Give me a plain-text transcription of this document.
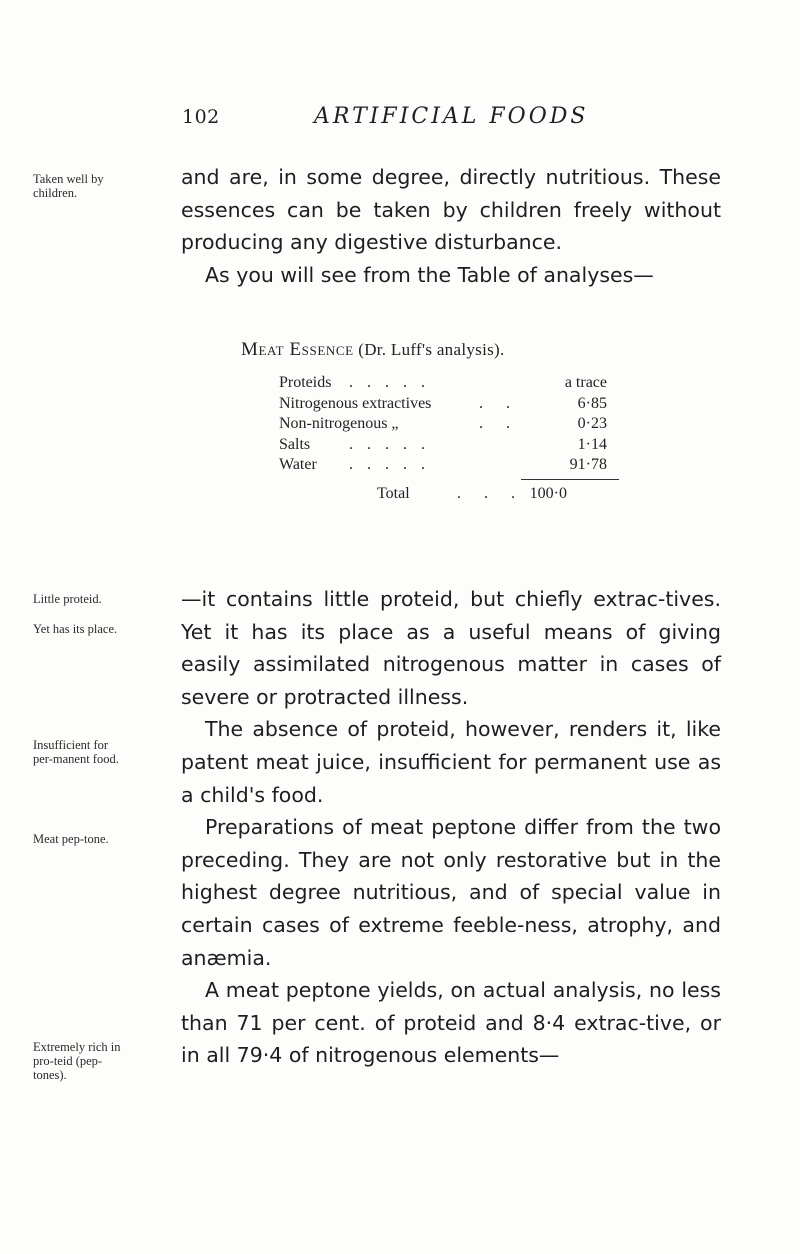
102	ARTIFICIAL FOODS
Taken well by children.
Little proteid.
Yet has its place.
Insufficient for per-manent food.
Meat pep-tone.
Extremely rich in pro-teid (pep-tones).

and are, in some degree, directly nutritious. These essences can be taken by children freely without producing any digestive disturbance.

As you will see from the Table of analyses—

Meat Essence (Dr. Luff's analysis).
Proteids . . . . .	a trace
Nitrogenous extractives	.  .	6·85
Non-nitrogenous „	.  .	0·23
Salts . . . . .	1·14
Water . . . . .	91·78
Total	.  .  . 100·0

—it contains little proteid, but chiefly extrac-tives. Yet it has its place as a useful means of giving easily assimilated nitrogenous matter in cases of severe or protracted illness.

The absence of proteid, however, renders it, like patent meat juice, insufficient for permanent use as a child's food.

Preparations of meat peptone differ from the two preceding. They are not only restorative but in the highest degree nutritious, and of special value in certain cases of extreme feeble-ness, atrophy, and anæmia.

A meat peptone yields, on actual analysis, no less than 71 per cent. of proteid and 8·4 extrac-tive, or in all 79·4 of nitrogenous elements—
